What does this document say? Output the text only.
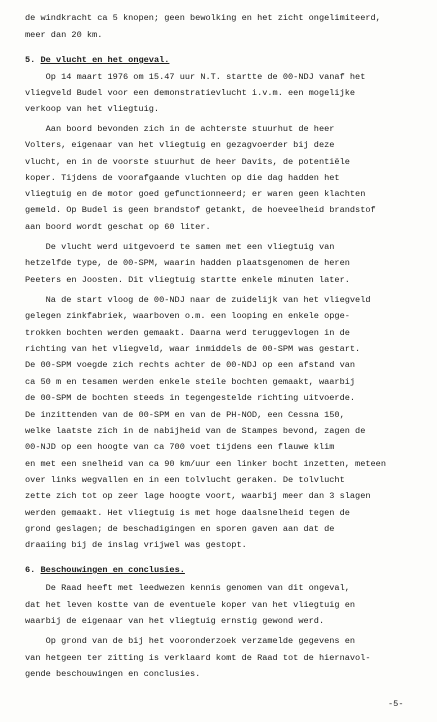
de windkracht ca 5 knopen; geen bewolking en het zicht ongelimiteerd,
meer dan 20 km.
5. De vlucht en het ongeval.
Op 14 maart 1976 om 15.47 uur N.T. startte de 00-NDJ vanaf het
vliegveld Budel voor een demonstratievlucht i.v.m. een mogelijke
verkoop van het vliegtuig.
Aan boord bevonden zich in de achterste stuurhut de heer
Volters, eigenaar van het vliegtuig en gezagvoerder bij deze
vlucht, en in de voorste stuurhut de heer Davits, de potentiële
koper. Tijdens de voorafgaande vluchten op die dag hadden het
vliegtuig en de motor goed gefunctionneerd; er waren geen klachten
gemeld. Op Budel is geen brandstof getankt, de hoeveelheid brandstof
aan boord wordt geschat op 60 liter.
De vlucht werd uitgevoerd te samen met een vliegtuig van
hetzelfde type, de 00-SPM, waarin hadden plaatsgenomen de heren
Peeters en Joosten. Dit vliegtuig startte enkele minuten later.
Na de start vloog de 00-NDJ naar de zuidelijk van het vliegveld
gelegen zinkfabriek, waarboven o.m. een looping en enkele opge-
trokken bochten werden gemaakt. Daarna werd teruggevlogen in de
richting van het vliegveld, waar inmiddels de 00-SPM was gestart.
De 00-SPM voegde zich rechts achter de 00-NDJ op een afstand van
ca 50 m en tesamen werden enkele steile bochten gemaakt, waarbij
de 00-SPM de bochten steeds in tegengestelde richting uitvoerde.
De inzittenden van de 00-SPM en van de PH-NOD, een Cessna 150,
welke laatste zich in de nabijheid van de Stampes bevond, zagen de
00-NJD op een hoogte van ca 700 voet tijdens een flauwe klim
en met een snelheid van ca 90 km/uur een linker bocht inzetten, meteen
over links wegvallen en in een tolvlucht geraken. De tolvlucht
zette zich tot op zeer lage hoogte voort, waarbij meer dan 3 slagen
werden gemaakt. Het vliegtuig is met hoge daalsnelheid tegen de
grond geslagen; de beschadigingen en sporen gaven aan dat de
draaiing bij de inslag vrijwel was gestopt.
6. Beschouwingen en conclusies.
De Raad heeft met leedwezen kennis genomen van dit ongeval,
dat het leven kostte van de eventuele koper van het vliegtuig en
waarbij de eigenaar van het vliegtuig ernstig gewond werd.
Op grond van de bij het vooronderzoek verzamelde gegevens en
van hetgeen ter zitting is verklaard komt de Raad tot de hiernavol-
gende beschouwingen en conclusies.
-5-
